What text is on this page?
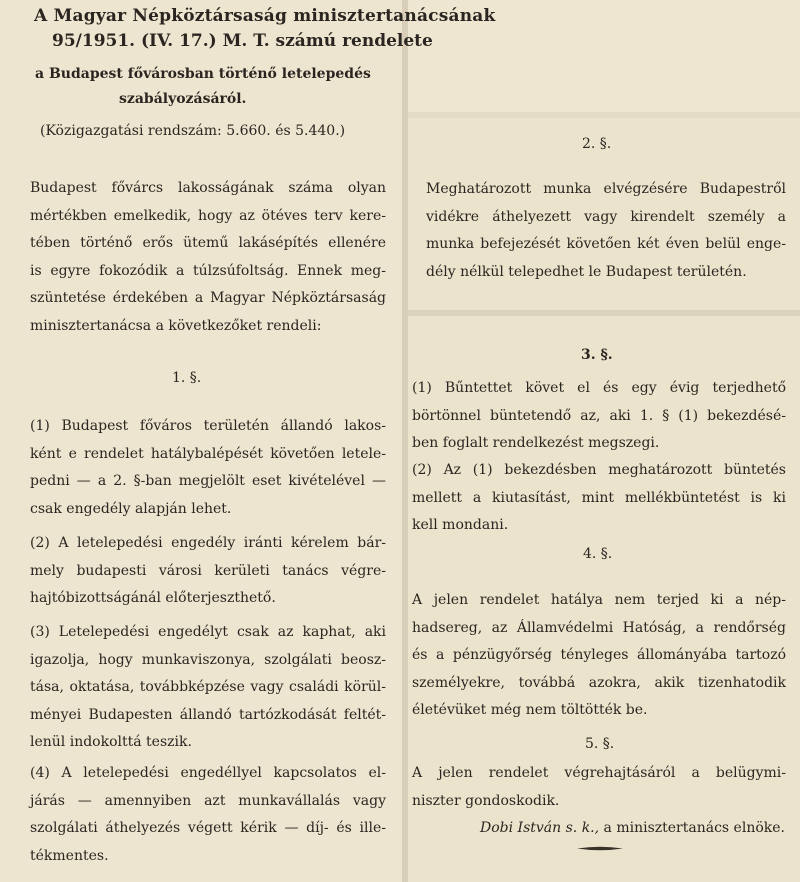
A Magyar Népköztársaság minisztertanácsának
95/1951. (IV. 17.) M. T. számú rendelete
a Budapest fővárosban történő letelepedés
szabályozásáról.
(Közigazgatási rendszám: 5.660. és 5.440.)
Budapest fővárcs lakosságának száma olyan
mértékben emelkedik, hogy az ötéves terv kere-
tében történő erős ütemű lakásépítés ellenére
is egyre fokozódik a túlzsúfoltság. Ennek meg-
szüntetése érdekében a Magyar Népköztársaság
minisztertanácsa a következőket rendeli:
1. §.
(1) Budapest főváros területén állandó lakos-
ként e rendelet hatálybalépését követően letele-
pedni — a 2. §-ban megjelölt eset kivételével —
csak engedély alapján lehet.
(2) A letelepedési engedély iránti kérelem bár-
mely budapesti városi kerületi tanács végre-
hajtóbizottságánál előterjeszthető.
(3) Letelepedési engedélyt csak az kaphat, aki
igazolja, hogy munkaviszonya, szolgálati beosz-
tása, oktatása, továbbképzése vagy családi körül-
ményei Budapesten állandó tartózkodását feltét-
lenül indokolttá teszik.
(4) A letelepedési engedéllyel kapcsolatos el-
járás — amennyiben azt munkavállalás vagy
szolgálati áthelyezés végett kérik — díj- és ille-
tékmentes.
2. §.
Meghatározott munka elvégzésére Budapestről
vidékre áthelyezett vagy kirendelt személy a
munka befejezését követően két éven belül enge-
dély nélkül telepedhet le Budapest területén.
3. §.
(1) Bűntettet követ el és egy évig terjedhető
börtönnel büntetendő az, aki 1. § (1) bekezdésé-
ben foglalt rendelkezést megszegi.
(2) Az (1) bekezdésben meghatározott büntetés
mellett a kiutasítást, mint mellékbüntetést is ki
kell mondani.
4. §.
A jelen rendelet hatálya nem terjed ki a nép-
hadsereg, az Államvédelmi Hatóság, a rendőrség
és a pénzügyőrség tényleges állományába tartozó
személyekre, továbbá azokra, akik tizenhatodik
életévüket még nem töltötték be.
5. §.
A jelen rendelet végrehajtásáról a belügymi-
niszter gondoskodik.
Dobi István s. k., a minisztertanács elnöke.
